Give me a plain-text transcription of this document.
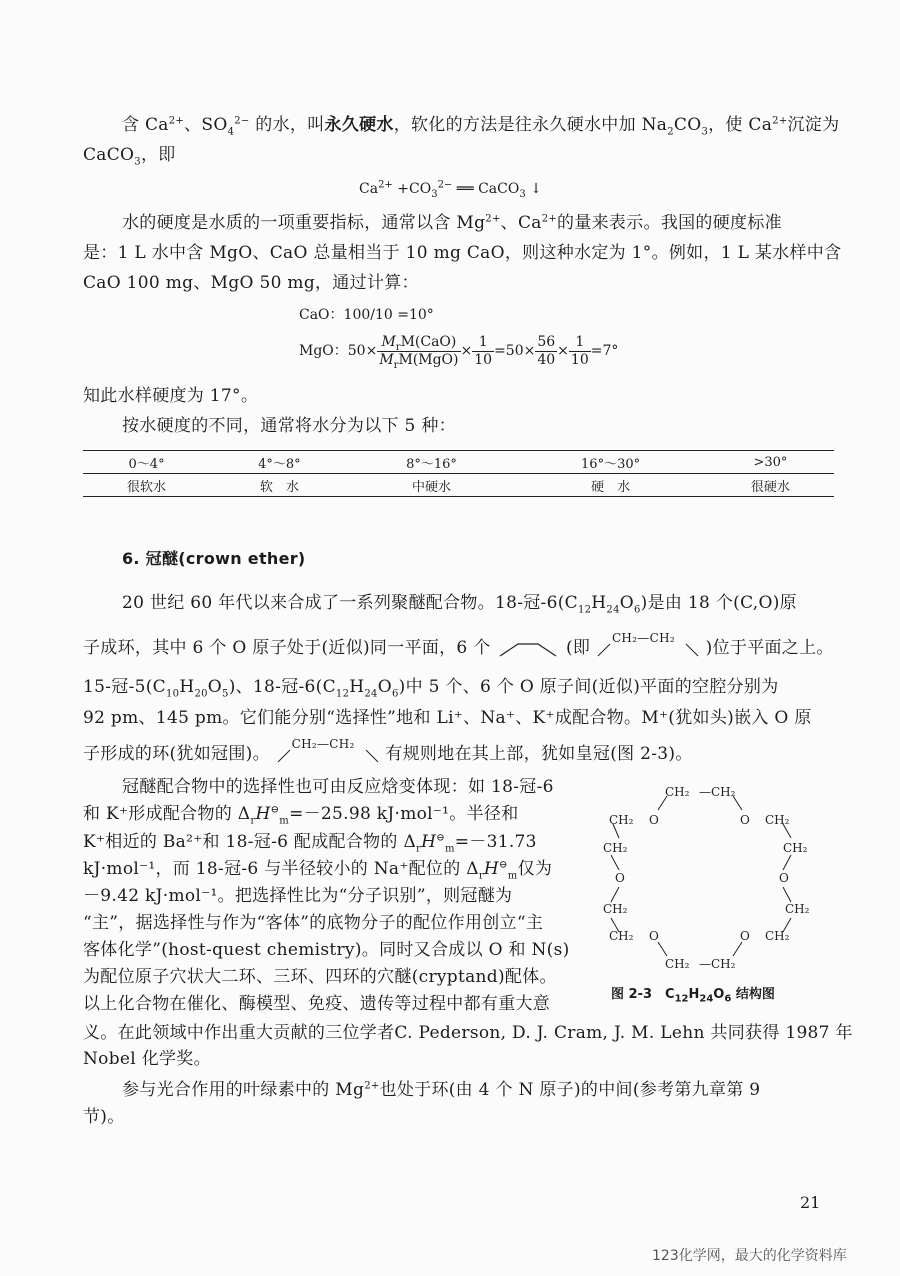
含 $Ca^{2+}$、$SO_4^{2-}$ 的水，叫永久硬水，软化的方法是往永久硬水中加 $Na_2CO_3$，使 $Ca^{2+}$沉淀为
CaCO$_3$，即
$Ca^{2+} +CO_3^{2-}$ ══ CaCO$_3$ ↓
水的硬度是水质的一项重要指标，通常以含 $Mg^{2+}$、$Ca^{2+}$的量来表示。我国的硬度标准
是：1 L 水中含 MgO、CaO 总量相当于 10 mg CaO，则这种水定为 1°。例如，1 L 某水样中含
CaO 100 mg、MgO 50 mg，通过计算：
CaO：100/10 =10°
MgO：$50\times \frac{M_rM(CaO)}{M_rM(MgO)} \times \frac{1}{10} =50\times \frac{56}{40} \times \frac{1}{10} =7^\circ$
知此水样硬度为 17°。
按水硬度的不同，通常将水分为以下 5 种：
0～4°	4°～8°	8°～16°	16°～30°	>30°
很软水	软　水	中硬水	硬　水	很硬水
6. 冠醚(crown ether)
20 世纪 60 年代以来合成了一系列聚醚配合物。18-冠$-6(C_{12}H_{24}O_6)$是由 18 个(C,O)原
子成环，其中 6 个 O 原子处于(近似)同一平面，6 个	(即
CH₂—CH₂
)位于平面之上。
15-冠$-5(C_{10}H_{20}O_5)$、18-冠$-6(C_{12}H_{24}O_6)$中 5 个、6 个 O 原子间(近似)平面的空腔分别为
92 pm、145 pm。它们能分别“选择性”地和 Li⁺、Na⁺、K⁺成配合物。M⁺(犹如头)嵌入 O 原
子形成的环(犹如冠围)。
CH₂—CH₂
有规则地在其上部，犹如皇冠(图 2-3)。
冠醚配合物中的选择性也可由反应焓变体现：如 18-冠-6
和 K⁺形成配合物的 $\Delta_rH^⊖_m=-25.98$ kJ·mol⁻¹。半径和
K⁺相近的 Ba²⁺和 18-冠-6 配成配合物的 $\Delta_rH^⊖_m=-31.73$
kJ·mol⁻¹，而 18-冠-6 与半径较小的 Na⁺配位的 $\Delta_rH^⊖_m$仅为
－9.42 kJ·mol⁻¹。把选择性比为“分子识别”，则冠醚为
“主”，据选择性与作为“客体”的底物分子的配位作用创立“主
客体化学”(host-quest chemistry)。同时又合成以 O 和 N(s)
为配位原子穴状大二环、三环、四环的穴醚(cryptand)配体。
以上化合物在催化、酶模型、免疫、遗传等过程中都有重大意
义。在此领域中作出重大贡献的三位学者C. Pederson, D. J. Cram, J. M. Lehn 共同获得 1987 年
Nobel 化学奖。
CH₂ — CH₂
CH₂ O	O CH₂
CH₂	CH₂
O	O
CH₂	CH₂
CH₂ O	O CH₂
CH₂ — CH₂
图 2-3　$C_{12}H_{24}O_6$ 结构图
参与光合作用的叶绿素中的 $Mg^{2+}$也处于环(由 4 个 N 原子)的中间(参考第九章第 9
节)。
21
123化学网，最大的化学资料库
